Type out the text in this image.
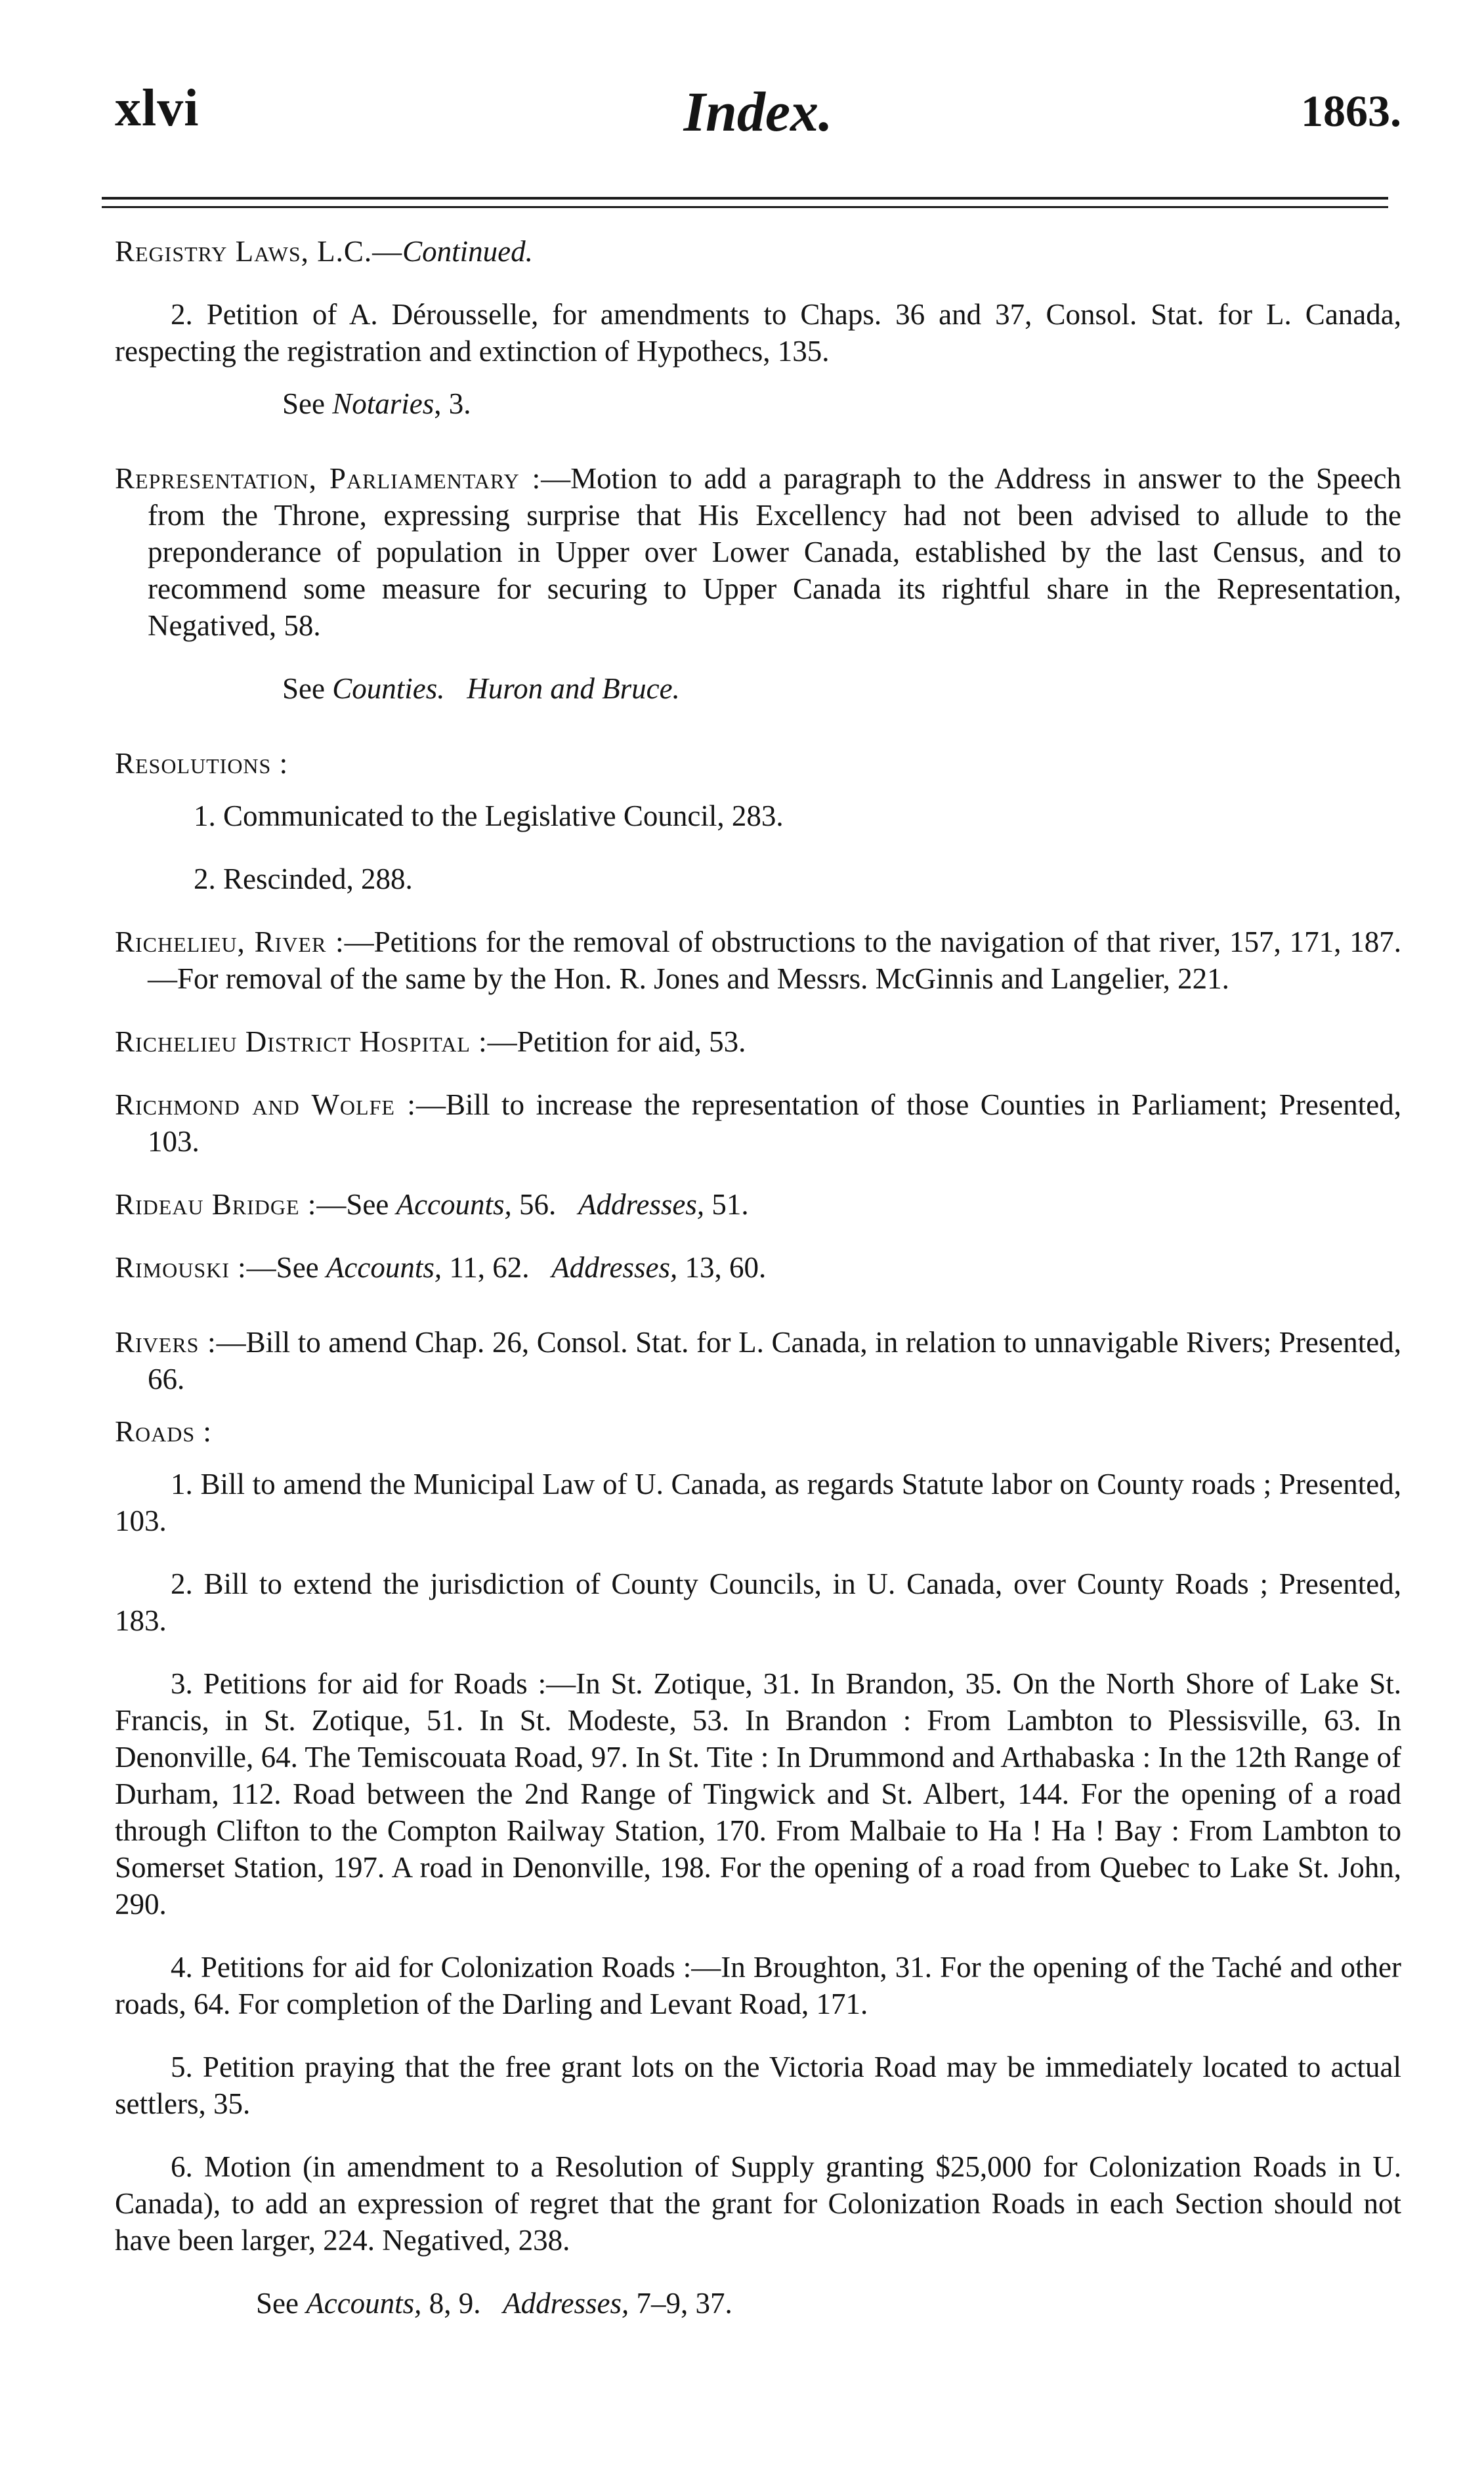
xlvi	Index.	1863.

Registry Laws, L.C.—Continued.

2. Petition of A. Dérousselle, for amendments to Chaps. 36 and 37, Consol. Stat. for L. Canada, respecting the registration and extinction of Hypothecs, 135.

See Notaries, 3.

Representation, Parliamentary :—Motion to add a paragraph to the Address in answer to the Speech from the Throne, expressing surprise that His Excellency had not been advised to allude to the preponderance of population in Upper over Lower Canada, established by the last Census, and to recommend some measure for securing to Upper Canada its rightful share in the Representation, Negatived, 58.

See Counties. Huron and Bruce.

Resolutions :

1. Communicated to the Legislative Council, 283.

2. Rescinded, 288.

Richelieu, River :—Petitions for the removal of obstructions to the navigation of that river, 157, 171, 187.—For removal of the same by the Hon. R. Jones and Messrs. McGinnis and Langelier, 221.

Richelieu District Hospital :—Petition for aid, 53.

Richmond and Wolfe :—Bill to increase the representation of those Counties in Parliament; Presented, 103.

Rideau Bridge :—See Accounts, 56.   Addresses, 51.

Rimouski :—See Accounts, 11, 62.   Addresses, 13, 60.

Rivers :—Bill to amend Chap. 26, Consol. Stat. for L. Canada, in relation to unnavigable Rivers; Presented, 66.

Roads :

1. Bill to amend the Municipal Law of U. Canada, as regards Statute labor on County roads ; Presented, 103.

2. Bill to extend the jurisdiction of County Councils, in U. Canada, over County Roads ; Presented, 183.

3. Petitions for aid for Roads :—In St. Zotique, 31. In Brandon, 35. On the North Shore of Lake St. Francis, in St. Zotique, 51. In St. Modeste, 53. In Brandon : From Lambton to Plessisville, 63. In Denonville, 64. The Temiscouata Road, 97. In St. Tite : In Drummond and Arthabaska : In the 12th Range of Durham, 112. Road between the 2nd Range of Tingwick and St. Albert, 144. For the opening of a road through Clifton to the Compton Railway Station, 170. From Malbaie to Ha ! Ha ! Bay : From Lambton to Somerset Station, 197. A road in Denonville, 198. For the opening of a road from Quebec to Lake St. John, 290.

4. Petitions for aid for Colonization Roads :—In Broughton, 31. For the opening of the Taché and other roads, 64. For completion of the Darling and Levant Road, 171.

5. Petition praying that the free grant lots on the Victoria Road may be immediately located to actual settlers, 35.

6. Motion (in amendment to a Resolution of Supply granting $25,000 for Colonization Roads in U. Canada), to add an expression of regret that the grant for Colonization Roads in each Section should not have been larger, 224. Negatived, 238.

See Accounts, 8, 9.   Addresses, 7–9, 37.
